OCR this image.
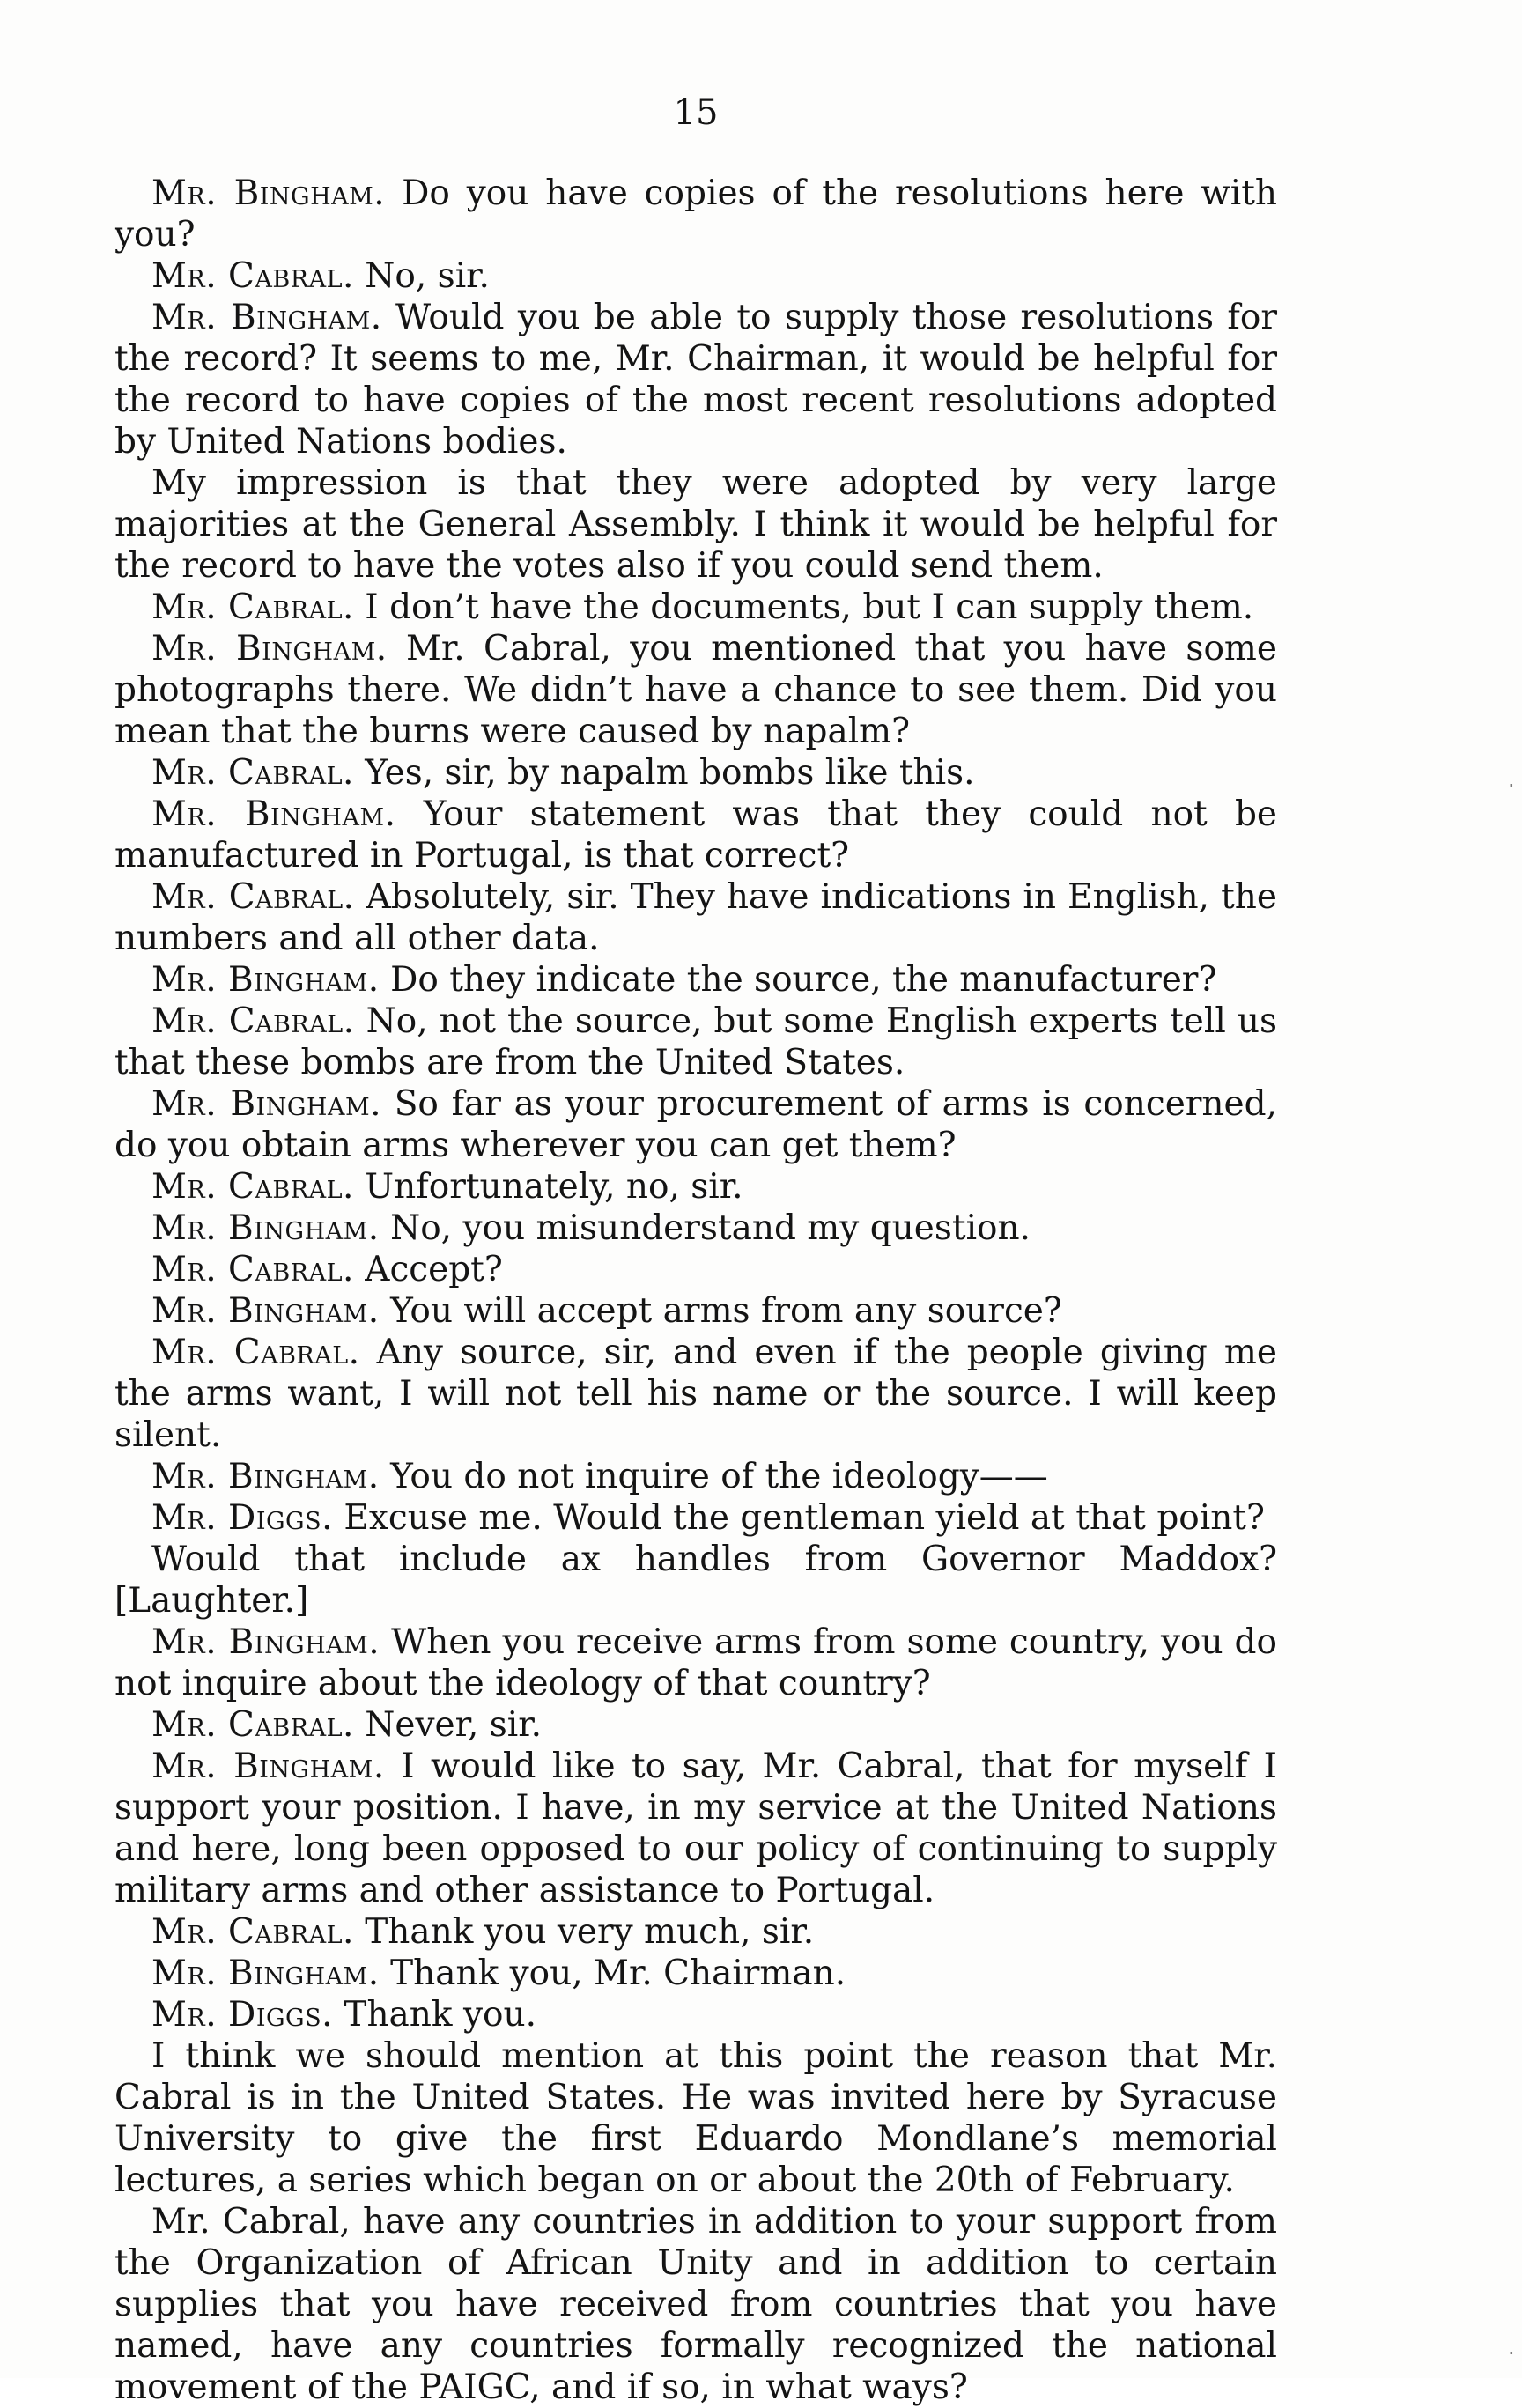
15

Mr. Bingham. Do you have copies of the resolutions here with you?

Mr. Cabral. No, sir.

Mr. Bingham. Would you be able to supply those resolutions for the record? It seems to me, Mr. Chairman, it would be helpful for the record to have copies of the most recent resolutions adopted by United Nations bodies.

My impression is that they were adopted by very large majorities at the General Assembly. I think it would be helpful for the record to have the votes also if you could send them.

Mr. Cabral. I don’t have the documents, but I can supply them.

Mr. Bingham. Mr. Cabral, you mentioned that you have some photographs there. We didn’t have a chance to see them. Did you mean that the burns were caused by napalm?

Mr. Cabral. Yes, sir, by napalm bombs like this.

Mr. Bingham. Your statement was that they could not be manufactured in Portugal, is that correct?

Mr. Cabral. Absolutely, sir. They have indications in English, the numbers and all other data.

Mr. Bingham. Do they indicate the source, the manufacturer?

Mr. Cabral. No, not the source, but some English experts tell us that these bombs are from the United States.

Mr. Bingham. So far as your procurement of arms is concerned, do you obtain arms wherever you can get them?

Mr. Cabral. Unfortunately, no, sir.

Mr. Bingham. No, you misunderstand my question.

Mr. Cabral. Accept?

Mr. Bingham. You will accept arms from any source?

Mr. Cabral. Any source, sir, and even if the people giving me the arms want, I will not tell his name or the source. I will keep silent.

Mr. Bingham. You do not inquire of the ideology——

Mr. Diggs. Excuse me. Would the gentleman yield at that point?

Would that include ax handles from Governor Maddox? [Laughter.]

Mr. Bingham. When you receive arms from some country, you do not inquire about the ideology of that country?

Mr. Cabral. Never, sir.

Mr. Bingham. I would like to say, Mr. Cabral, that for myself I support your position. I have, in my service at the United Nations and here, long been opposed to our policy of continuing to supply military arms and other assistance to Portugal.

Mr. Cabral. Thank you very much, sir.

Mr. Bingham. Thank you, Mr. Chairman.

Mr. Diggs. Thank you.

I think we should mention at this point the reason that Mr. Cabral is in the United States. He was invited here by Syracuse University to give the first Eduardo Mondlane’s memorial lectures, a series which began on or about the 20th of February.

Mr. Cabral, have any countries in addition to your support from the Organization of African Unity and in addition to certain supplies that you have received from countries that you have named, have any countries formally recognized the national movement of the PAIGC, and if so, in what ways?

·
·
